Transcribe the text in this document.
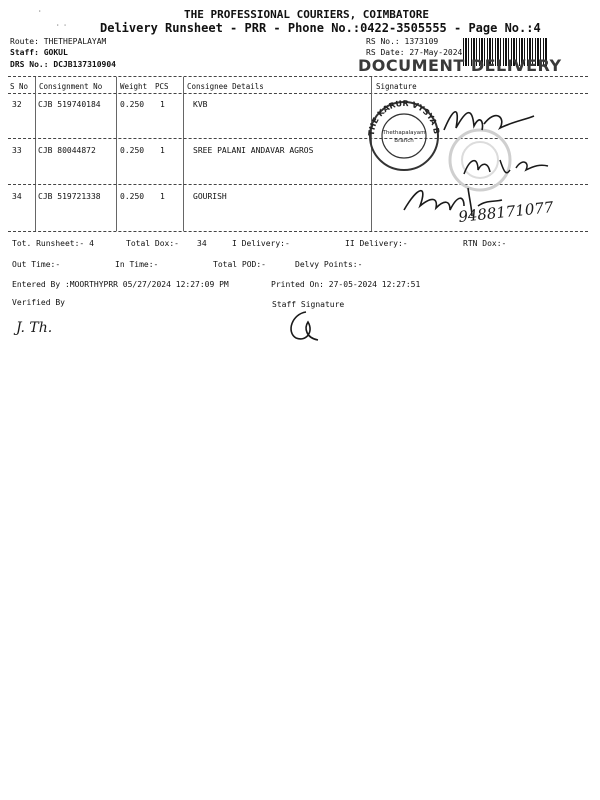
THE PROFESSIONAL COURIERS, COIMBATORE
Delivery Runsheet - PRR - Phone No.:0422-3505555 - Page No.:4
Route: THETHEPALAYAM
Staff: GOKUL
DRS No.: DCJB137310904
RS No.: 1373109
RS Date: 27-May-2024
DOCUMENT DELIVERY
S No Consignment No Weight PCS Consignee Details	Signature
32 CJB 519740184 0.250 1	KVB
33 CJB 80044872	0.250 1	SREE PALANI ANDAVAR AGROS
34 CJB 519721338 0.250 1	GOURISH
THE KARUR VYSYA BANK LTD.
Thethapalayam
Branch
9488171077
Tot. Runsheet:- 4	Total Dox:- 34	I Delivery:-	II Delivery:-	RTN Dox:-
Out Time:-	In Time:-	Total POD:-	Delvy Points:-
Entered By :MOORTHYPRR 05/27/2024 12:27:09 PM	Printed On: 27-05-2024 12:27:51
Verified By	Staff Signature
J. Th.
·
· ·
